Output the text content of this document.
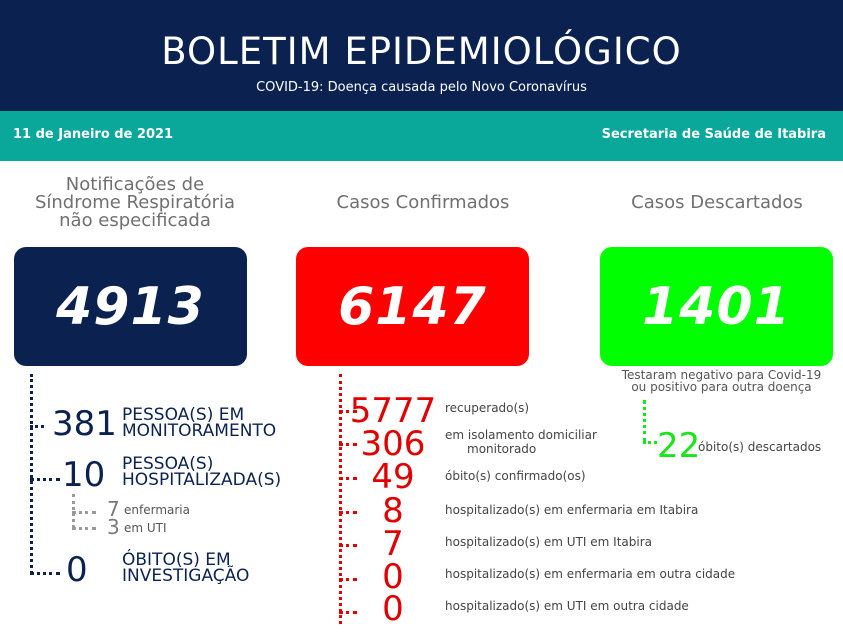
BOLETIM EPIDEMIOLÓGICO
COVID-19: Doença causada pelo Novo Coronavírus
11 de Janeiro de 2021	Secretaria de Saúde de Itabira
Notificações de
Síndrome Respiratória
não especificada
4913
381 PESSOA(S) EM
MONITORAMENTO
10 PESSOA(S)
HOSPITALIZADA(S)
7 enfermaria
3 em UTI
0 ÓBITO(S) EM
INVESTIGAÇÃO
Casos Confirmados
6147
5777 recuperado(s)
306	em isolamento domiciliar
monitorado
49	óbito(s) confirmado(os)
8	hospitalizado(s) em enfermaria em Itabira
7	hospitalizado(s) em UTI em Itabira
0	hospitalizado(s) em enfermaria em outra cidade
0	hospitalizado(s) em UTI em outra cidade
Casos Descartados
1401
Testaram negativo para Covid-19
ou positivo para outra doença
22
óbito(s) descartados
